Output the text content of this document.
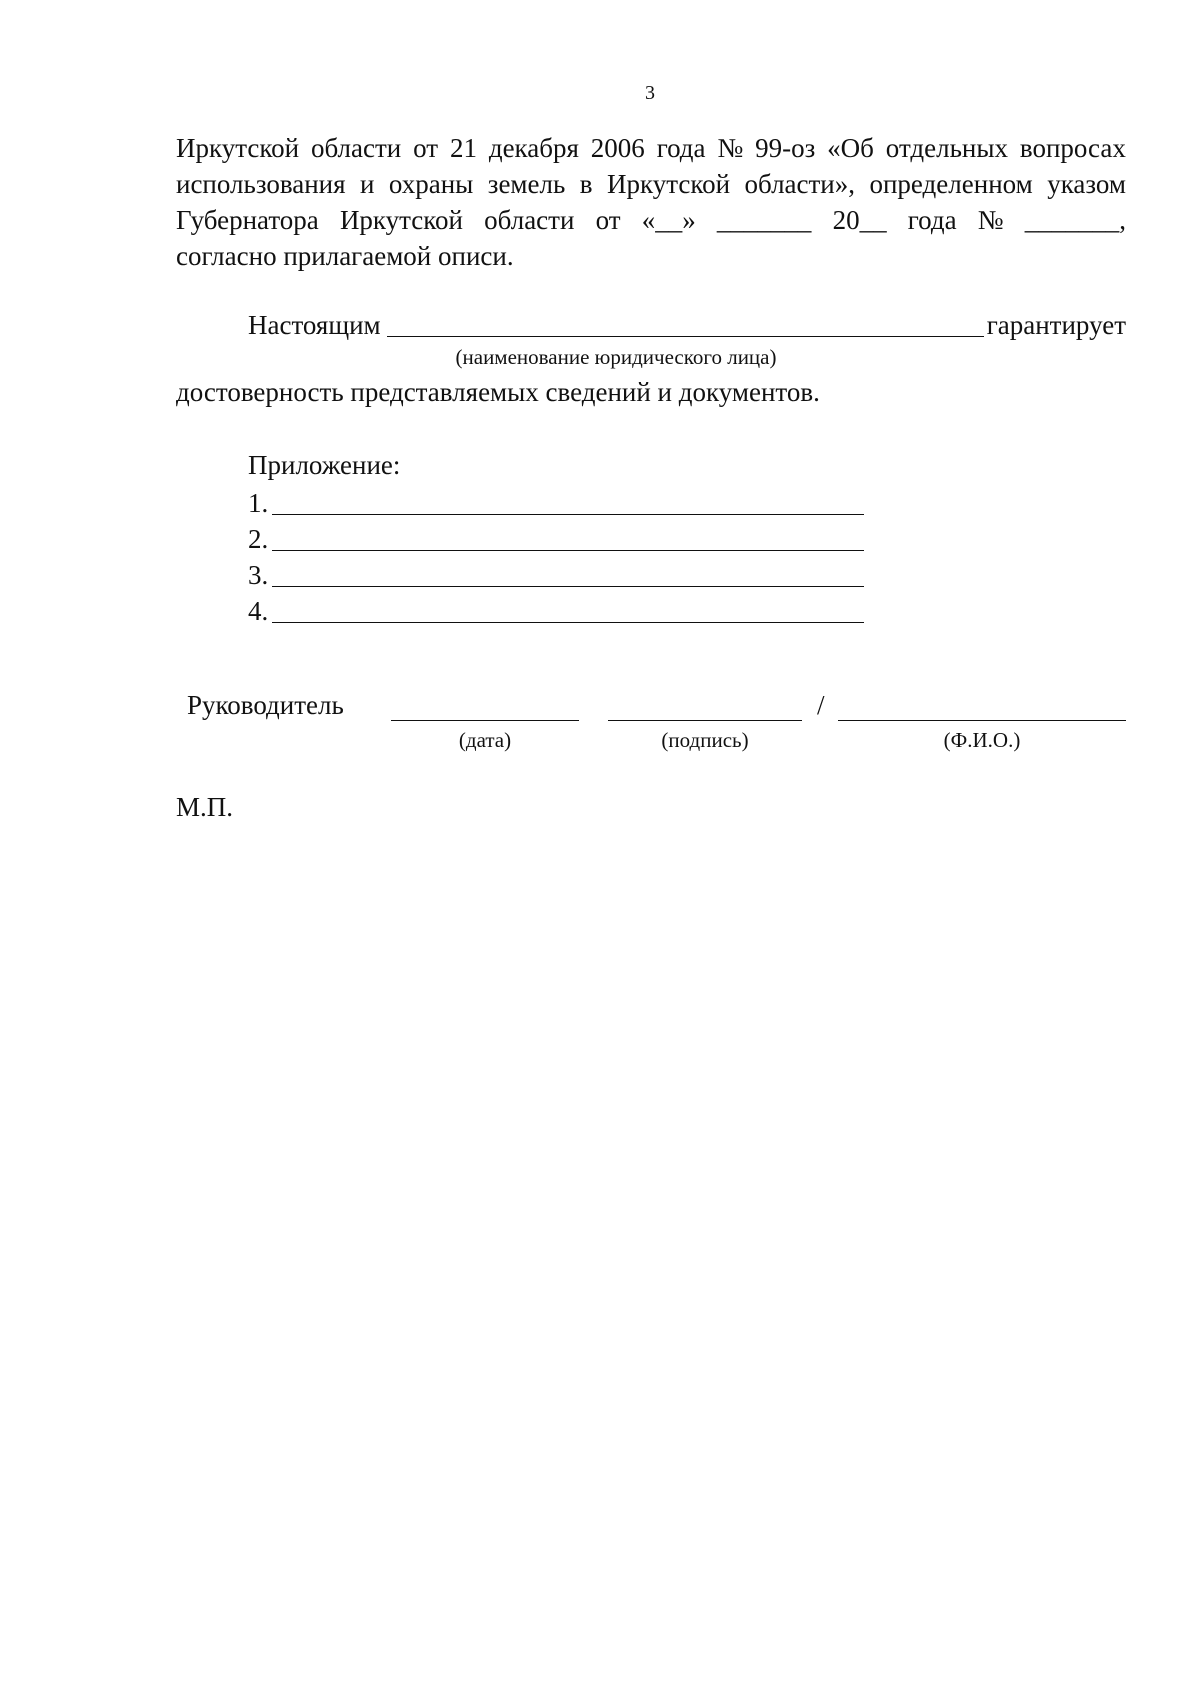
3
Иркутской области от 21 декабря 2006 года № 99-оз «Об отдельных вопросах
использования и охраны земель в Иркутской области», определенном указом
Губернатора Иркутской области от «__» _______ 20__ года № _______,
согласно прилагаемой описи.
Настоящим	гарантирует
(наименование юридического лица)
достоверность представляемых сведений и документов.
Приложение:
1.
2.
3.
4.
Руководитель	/
(дата)	(подпись)	(Ф.И.О.)
М.П.
